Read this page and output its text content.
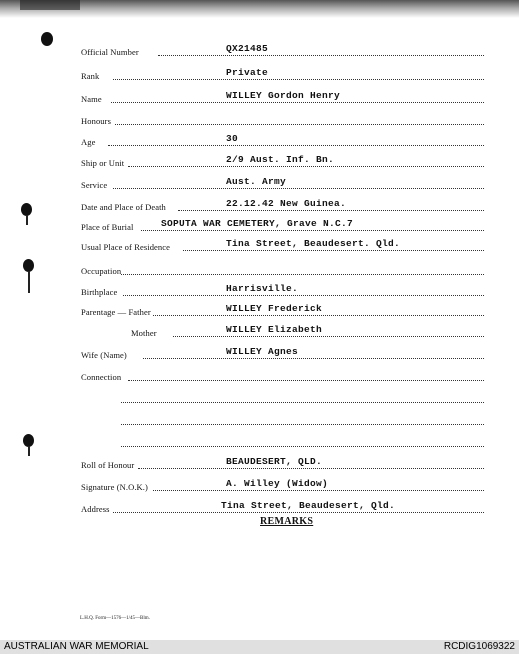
Official Number	QX21485
Rank	Private
Name	WILLEY Gordon Henry
Honours
Age	30
Ship or Unit	2/9 Aust. Inf. Bn.
Service	Aust. Army
Date and Place of Death	22.12.42 New Guinea.
Place of Burial	SOPUTA WAR CEMETERY, Grave N.C.7
Usual Place of Residence	Tina Street, Beaudesert. Qld.
Occupation
Birthplace	Harrisville.
Parentage — Father	WILLEY Frederick
Mother	WILLEY Elizabeth
Wife (Name)	WILLEY Agnes
Connection
Roll of Honour	BEAUDESERT, QLD.
Signature (N.O.K.)	A. Willey (Widow)
Address	Tina Street, Beaudesert, Qld.
REMARKS
L.H.Q. Form—1576—1/45—Blm.
AUSTRALIAN WAR MEMORIAL	RCDIG1069322
